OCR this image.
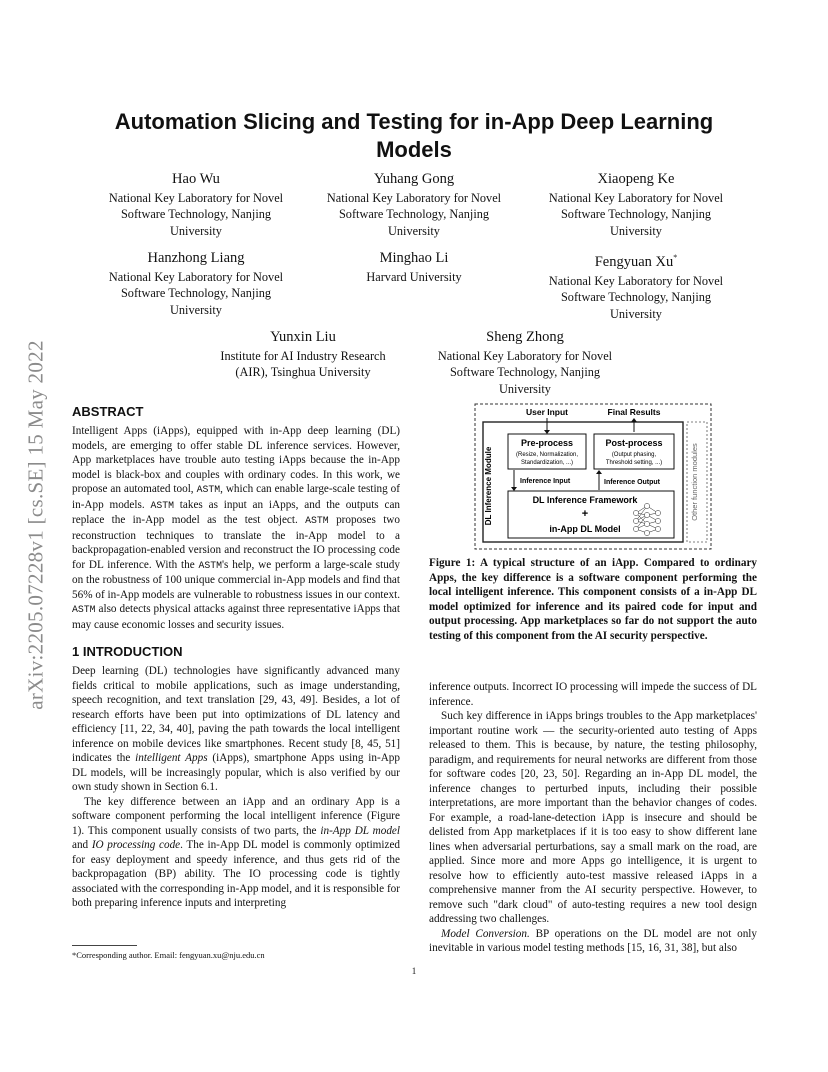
arXiv:2205.07228v1 [cs.SE] 15 May 2022
Automation Slicing and Testing for in-App Deep Learning
Models
Hao Wu
National Key Laboratory for Novel
Software Technology, Nanjing
University
Yuhang Gong
National Key Laboratory for Novel
Software Technology, Nanjing
University
Xiaopeng Ke
National Key Laboratory for Novel
Software Technology, Nanjing
University
Hanzhong Liang
National Key Laboratory for Novel
Software Technology, Nanjing
University
Minghao Li
Harvard University
Fengyuan Xu*
National Key Laboratory for Novel
Software Technology, Nanjing
University
Yunxin Liu
Institute for AI Industry Research
(AIR), Tsinghua University
Sheng Zhong
National Key Laboratory for Novel
Software Technology, Nanjing
University
ABSTRACT

Intelligent Apps (iApps), equipped with in-App deep learning (DL) models, are emerging to offer stable DL inference services. However, App marketplaces have trouble auto testing iApps because the in-App model is black-box and couples with ordinary codes. In this work, we propose an automated tool, ASTM, which can enable large-scale testing of in-App models. ASTM takes as input an iApps, and the outputs can replace the in-App model as the test object. ASTM proposes two reconstruction techniques to translate the in-App model to a backpropagation-enabled version and reconstruct the IO processing code for DL inference. With the ASTM's help, we perform a large-scale study on the robustness of 100 unique commercial in-App models and find that 56% of in-App models are vulnerable to robustness issues in our context. ASTM also detects physical attacks against three representative iApps that may cause economic losses and security issues.

1 INTRODUCTION

Deep learning (DL) technologies have significantly advanced many fields critical to mobile applications, such as image understanding, speech recognition, and text translation [29, 43, 49]. Besides, a lot of research efforts have been put into optimizations of DL latency and efficiency [11, 22, 34, 40], paving the path towards the local intelligent inference on mobile devices like smartphones. Recent study [8, 45, 51] indicates the intelligent Apps (iApps), smartphone Apps using in-App DL models, will be increasingly popular, which is also verified by our own study shown in Section 6.1.

The key difference between an iApp and an ordinary App is a software component performing the local intelligent inference (Figure 1). This component usually consists of two parts, the in-App DL model and IO processing code. The in-App DL model is commonly optimized for easy deployment and speedy inference, and thus gets rid of the backpropagation (BP) ability. The IO processing code is tightly associated with the corresponding in-App model, and it is responsible for both preparing inference inputs and interpreting

User Input	Final Results
DL Inference Module	Other function modules
Pre-process
(Resize, Normalization,
Standardization, ...)
Post-process
(Output phasing,
Threshold setting, ...)
Inference Input	Inference Output
DL Inference Framework
+
in-App DL Model
Figure 1: A typical structure of an iApp. Compared to ordinary Apps, the key difference is a software component performing the local intelligent inference. This component consists of a in-App DL model optimized for inference and its paired code for input and output processing. App marketplaces so far do not support the auto testing of this component from the AI security perspective.

inference outputs. Incorrect IO processing will impede the success of DL inference.

Such key difference in iApps brings troubles to the App marketplaces' important routine work — the security-oriented auto testing of Apps released to them. This is because, by nature, the testing philosophy, paradigm, and requirements for neural networks are different from those for software codes [20, 23, 50]. Regarding an in-App DL model, the inference changes to perturbed inputs, including their possible interpretations, are more important than the behavior changes of codes. For example, a road-lane-detection iApp is insecure and should be delisted from App marketplaces if it is too easy to show different lane lines when adversarial perturbations, say a small mark on the road, are applied. Since more and more Apps go intelligence, it is urgent to resolve how to efficiently auto-test massive released iApps in a comprehensive manner from the AI security perspective. However, to remove such "dark cloud" of auto-testing requires a new tool design addressing two challenges.

Model Conversion. BP operations on the DL model are not only inevitable in various model testing methods [15, 16, 31, 38], but also

*Corresponding author. Email: fengyuan.xu@nju.edu.cn
1
